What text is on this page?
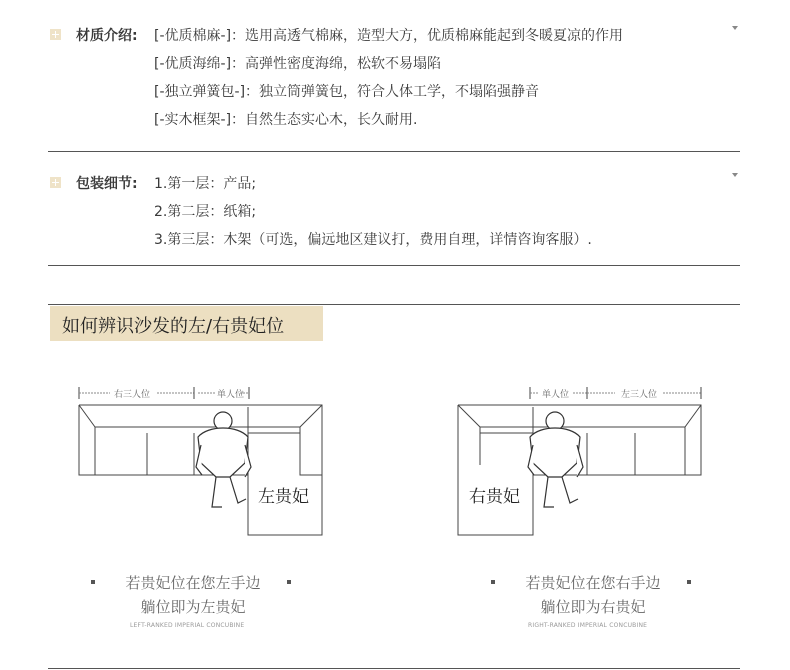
材质介绍: [-优质棉麻-]：选用高透气棉麻，造型大方，优质棉麻能起到冬暖夏凉的作用
[-优质海绵-]：高弹性密度海绵，松软不易塌陷
[-独立弹簧包-]：独立筒弹簧包，符合人体工学，不塌陷强静音
[-实木框架-]：自然生态实心木，长久耐用.
包装细节: 1.第一层：产品;
2.第二层：纸箱;
3.第三层：木架（可选，偏远地区建议打，费用自理，详情咨询客服）.
如何辨识沙发的左/右贵妃位
右三人位	单人位
左贵妃
若贵妃位在您左手边
躺位即为左贵妃
LEFT-RANKED IMPERIAL CONCUBINE
单人位	左三人位
右贵妃
若贵妃位在您右手边
躺位即为右贵妃
RIGHT-RANKED IMPERIAL CONCUBINE
